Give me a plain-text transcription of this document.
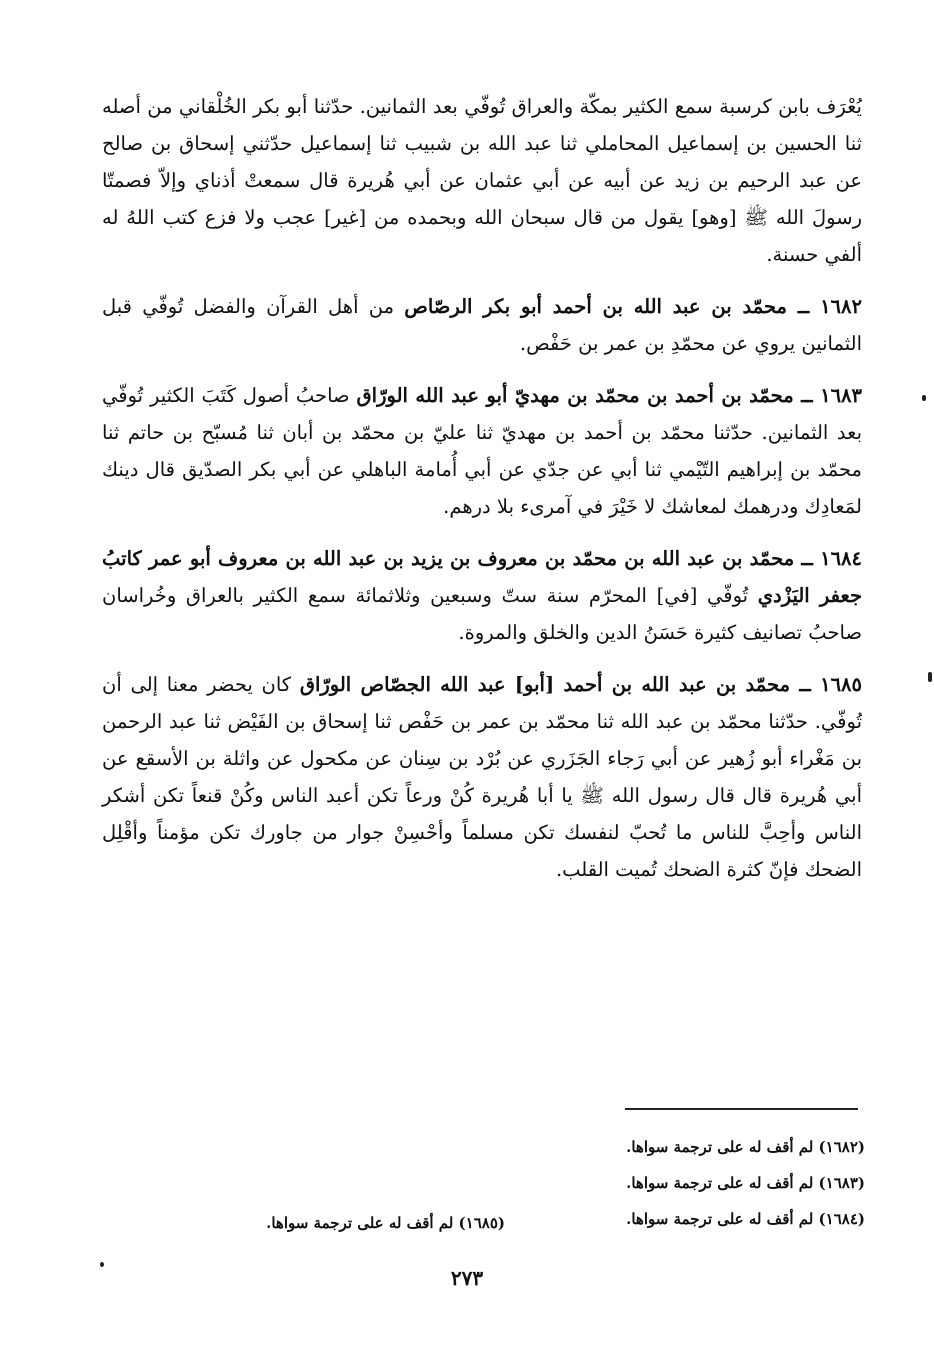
يُعْرَف بابن كرسبة سمع الكثير بمكّة والعراق تُوفّي بعد الثمانين. حدّثنا أبو بكر الخُلْقاني من أصله ثنا الحسين بن إسماعيل المحاملي ثنا عبد الله بن شبيب ثنا إسماعيل حدّثني إسحاق بن صالح عن عبد الرحيم بن زيد عن أبيه عن أبي عثمان عن أبي هُريرة قال سمعتْ أذناي وإلاّ فصمتّا رسولَ الله ﷺ [وهو] يقول من قال سبحان الله وبحمده من [غير] عجب ولا فزع كتب اللهُ له ألفي حسنة.

١٦٨٢ ــ محمّد بن عبد الله بن أحمد أبو بكر الرصّاص من أهل القرآن والفضل تُوفّي قبل الثمانين يروي عن محمّدِ بن عمر بن حَفْص.

١٦٨٣ ــ محمّد بن أحمد بن محمّد بن مهديّ أبو عبد الله الورّاق صاحبُ أصول كَتَبَ الكثير تُوفّي بعد الثمانين. حدّثنا محمّد بن أحمد بن مهديّ ثنا عليّ بن محمّد بن أبان ثنا مُسبّح بن حاتم ثنا محمّد بن إبراهيم التّيْمي ثنا أبي عن جدّي عن أبي أُمامة الباهلي عن أبي بكر الصدّيق قال دينك لمَعادِك ودرهمك لمعاشك لا خَيْرَ في آمرىء بلا درهم.

١٦٨٤ ــ محمّد بن عبد الله بن محمّد بن معروف بن يزيد بن عبد الله بن معروف أبو عمر كاتبُ جعفر اليَزْدي تُوفّي [في] المحرّم سنة ستّ وسبعين وثلاثمائة سمع الكثير بالعراق وخُراسان صاحبُ تصانيف كثيرة حَسَنُ الدين والخلق والمروة.

١٦٨٥ ــ محمّد بن عبد الله بن أحمد [أبو] عبد الله الجصّاص الورّاق كان يحضر معنا إلى أن تُوفّي. حدّثنا محمّد بن عبد الله ثنا محمّد بن عمر بن حَفْص ثنا إسحاق بن الفَيْض ثنا عبد الرحمن بن مَغْراء أبو زُهير عن أبي رَجاء الجَزَري عن بُرْد بن سِنان عن مكحول عن واثلة بن الأسقع عن أبي هُريرة قال قال رسول الله ﷺ يا أبا هُريرة كُنْ ورعاً تكن أعبد الناس وكُنْ قنعاً تكن أشكر الناس وأحِبَّ للناس ما تُحبّ لنفسك تكن مسلماً وأحْسِنْ جوار من جاورك تكن مؤمناً وأقْلِل الضحك فإنّ كثرة الضحك تُميت القلب.

(١٦٨٢) لم أقف له على ترجمة سواها.
(١٦٨٣) لم أقف له على ترجمة سواها.
(١٦٨٤) لم أقف له على ترجمة سواها.
(١٦٨٥) لم أقف له على ترجمة سواها.
٢٧٣
